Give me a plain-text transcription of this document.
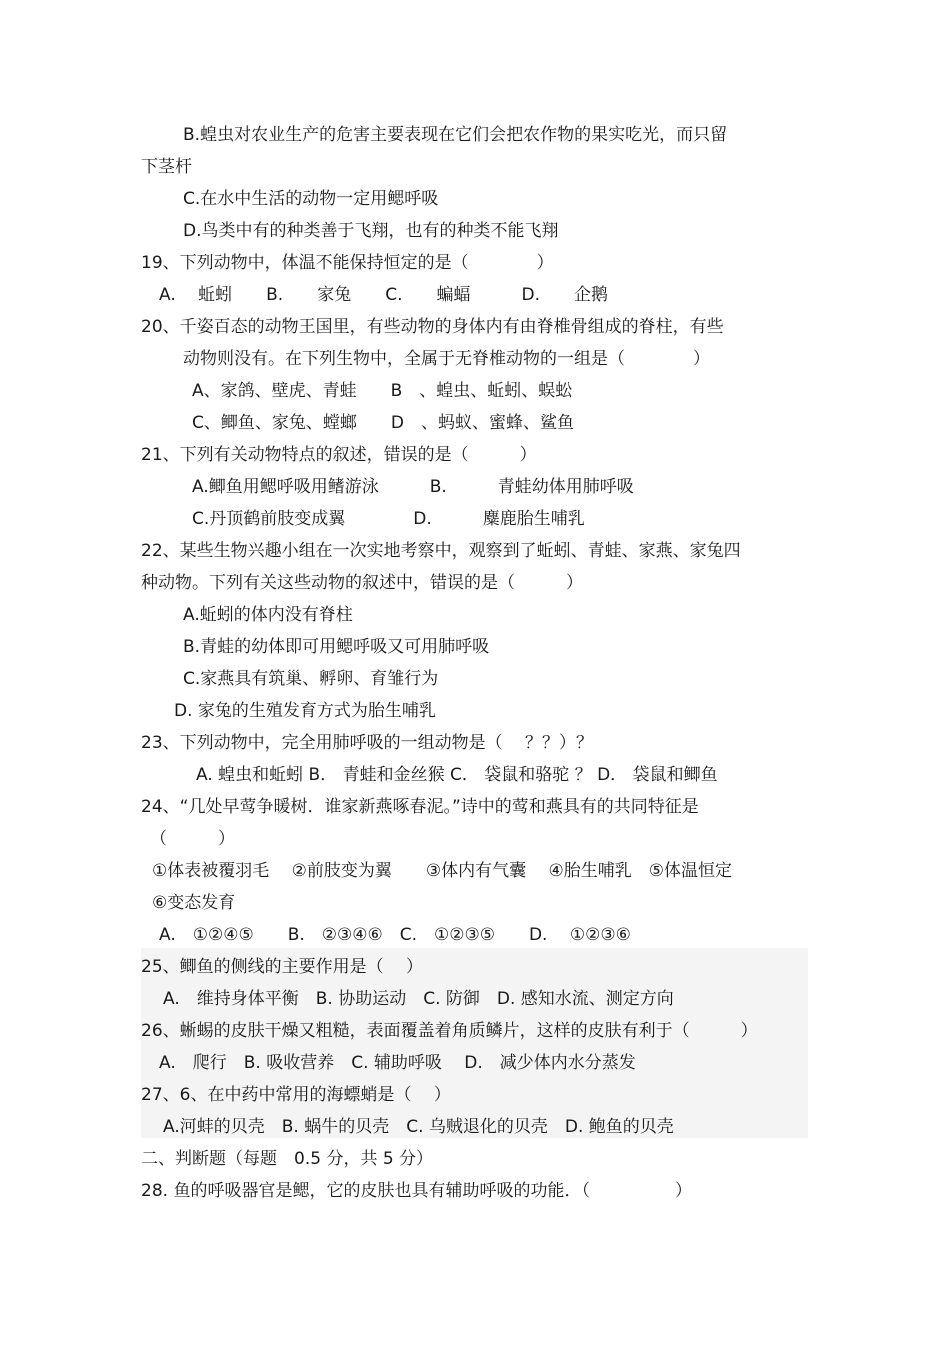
B.蝗虫对农业生产的危害主要表现在它们会把农作物的果实吃光，而只留
下茎杆
C.在水中生活的动物一定用鳃呼吸
D.鸟类中有的种类善于飞翔，也有的种类不能飞翔
19、下列动物中，体温不能保持恒定的是（　　　　）
A.　 蚯蚓　　B.　　家兔　　C.　　蝙蝠　　　D.　　企鹅
20、千姿百态的动物王国里，有些动物的身体内有由脊椎骨组成的脊柱，有些
动物则没有。在下列生物中，全属于无脊椎动物的一组是（　　　　）
A、家鸽、壁虎、青蛙　　B　、蝗虫、蚯蚓、蜈蚣
C、鲫鱼、家兔、螳螂　　D　、蚂蚁、蜜蜂、鲨鱼
21、下列有关动物特点的叙述，错误的是（　　　）
A.鲫鱼用鳃呼吸用鳍游泳　　　B.　　　青蛙幼体用肺呼吸
C.丹顶鹤前肢变成翼　　　　D.　　　麋鹿胎生哺乳
22、某些生物兴趣小组在一次实地考察中，观察到了蚯蚓、青蛙、家燕、家兔四
种动物。下列有关这些动物的叙述中，错误的是（　　　）
A.蚯蚓的体内没有脊柱
B.青蛙的幼体即可用鳃呼吸又可用肺呼吸
C.家燕具有筑巢、孵卵、育雏行为
D. 家兔的生殖发育方式为胎生哺乳
23、下列动物中，完全用肺呼吸的一组动物是（　 ？？）？
A. 蝗虫和蚯蚓 B． 青蛙和金丝猴 C． 袋鼠和骆驼 ？ D． 袋鼠和鲫鱼
24、“几处早莺争暖树．谁家新燕啄春泥。”诗中的莺和燕具有的共同特征是
（　　　）
①体表被覆羽毛　 ②前肢变为翼　　③体内有气囊　 ④胎生哺乳　⑤体温恒定
⑥变态发育
A.　①②④⑤　　B.　②③④⑥　C.　①②③⑤　　D.　 ①②③⑥
25、鲫鱼的侧线的主要作用是（　 ）
A.　维持身体平衡　B. 协助运动　C. 防御　D. 感知水流、测定方向
26、蜥蜴的皮肤干燥又粗糙，表面覆盖着角质鳞片，这样的皮肤有利于（　　　）
A.　爬行　B. 吸收营养　C. 辅助呼吸　 D.　减少体内水分蒸发
27、6、在中药中常用的海螵蛸是（　 ）
A.河蚌的贝壳　B. 蜗牛的贝壳　C. 乌贼退化的贝壳　D. 鲍鱼的贝壳
二、判断题（每题　0.5 分，共 5 分）
28. 鱼的呼吸器官是鳃，它的皮肤也具有辅助呼吸的功能．（　　　　　）
